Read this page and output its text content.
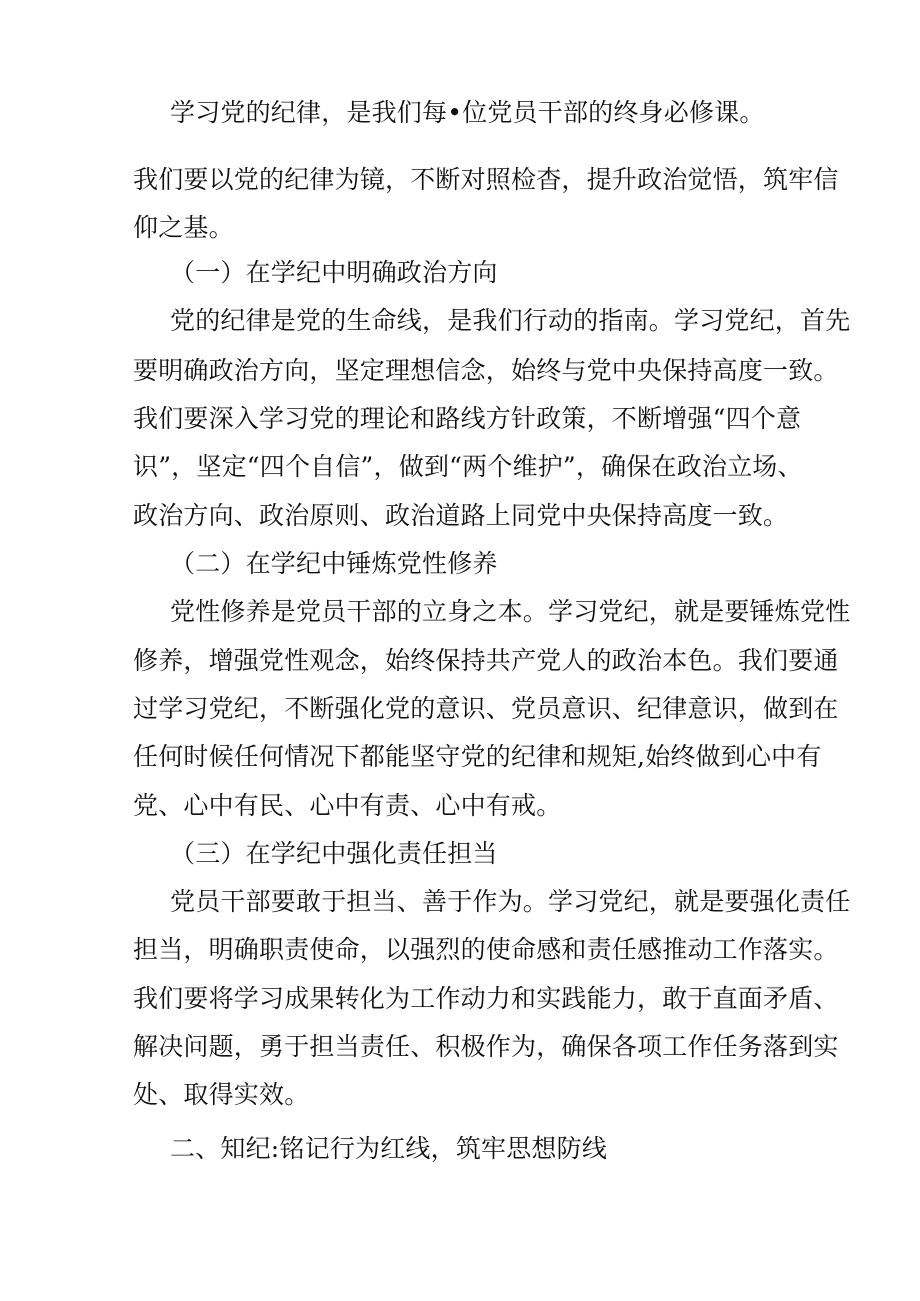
学习党的纪律，是我们每•位党员干部的终身必修课。
我们要以党的纪律为镜，不断对照检杳，提升政治觉悟，筑牢信
仰之基。
（一）在学纪中明确政治方向
党的纪律是党的生命线，是我们行动的指南。学习党纪，首先
要明确政治方向，坚定理想信念，始终与党中央保持高度一致。
我们要深入学习党的理论和路线方针政策，不断增强“四个意
识”，坚定“四个自信”，做到“两个维护”，确保在政治立场、
政治方向、政治原则、政治道路上同党中央保持高度一致。
（二）在学纪中锤炼党性修养
党性修养是党员干部的立身之本。学习党纪，就是要锤炼党性
修养，增强党性观念，始终保持共产党人的政治本色。我们要通
过学习党纪，不断强化党的意识、党员意识、纪律意识，做到在
任何时候任何情况下都能坚守党的纪律和规矩,始终做到心中有
党、心中有民、心中有责、心中有戒。
（三）在学纪中强化责任担当
党员干部要敢于担当、善于作为。学习党纪，就是要强化责任
担当，明确职责使命，以强烈的使命感和责任感推动工作落实。
我们要将学习成果转化为工作动力和实践能力，敢于直面矛盾、
解决问题，勇于担当责任、积极作为，确保各项工作任务落到实
处、取得实效。
二、知纪:铭记行为红线，筑牢思想防线
